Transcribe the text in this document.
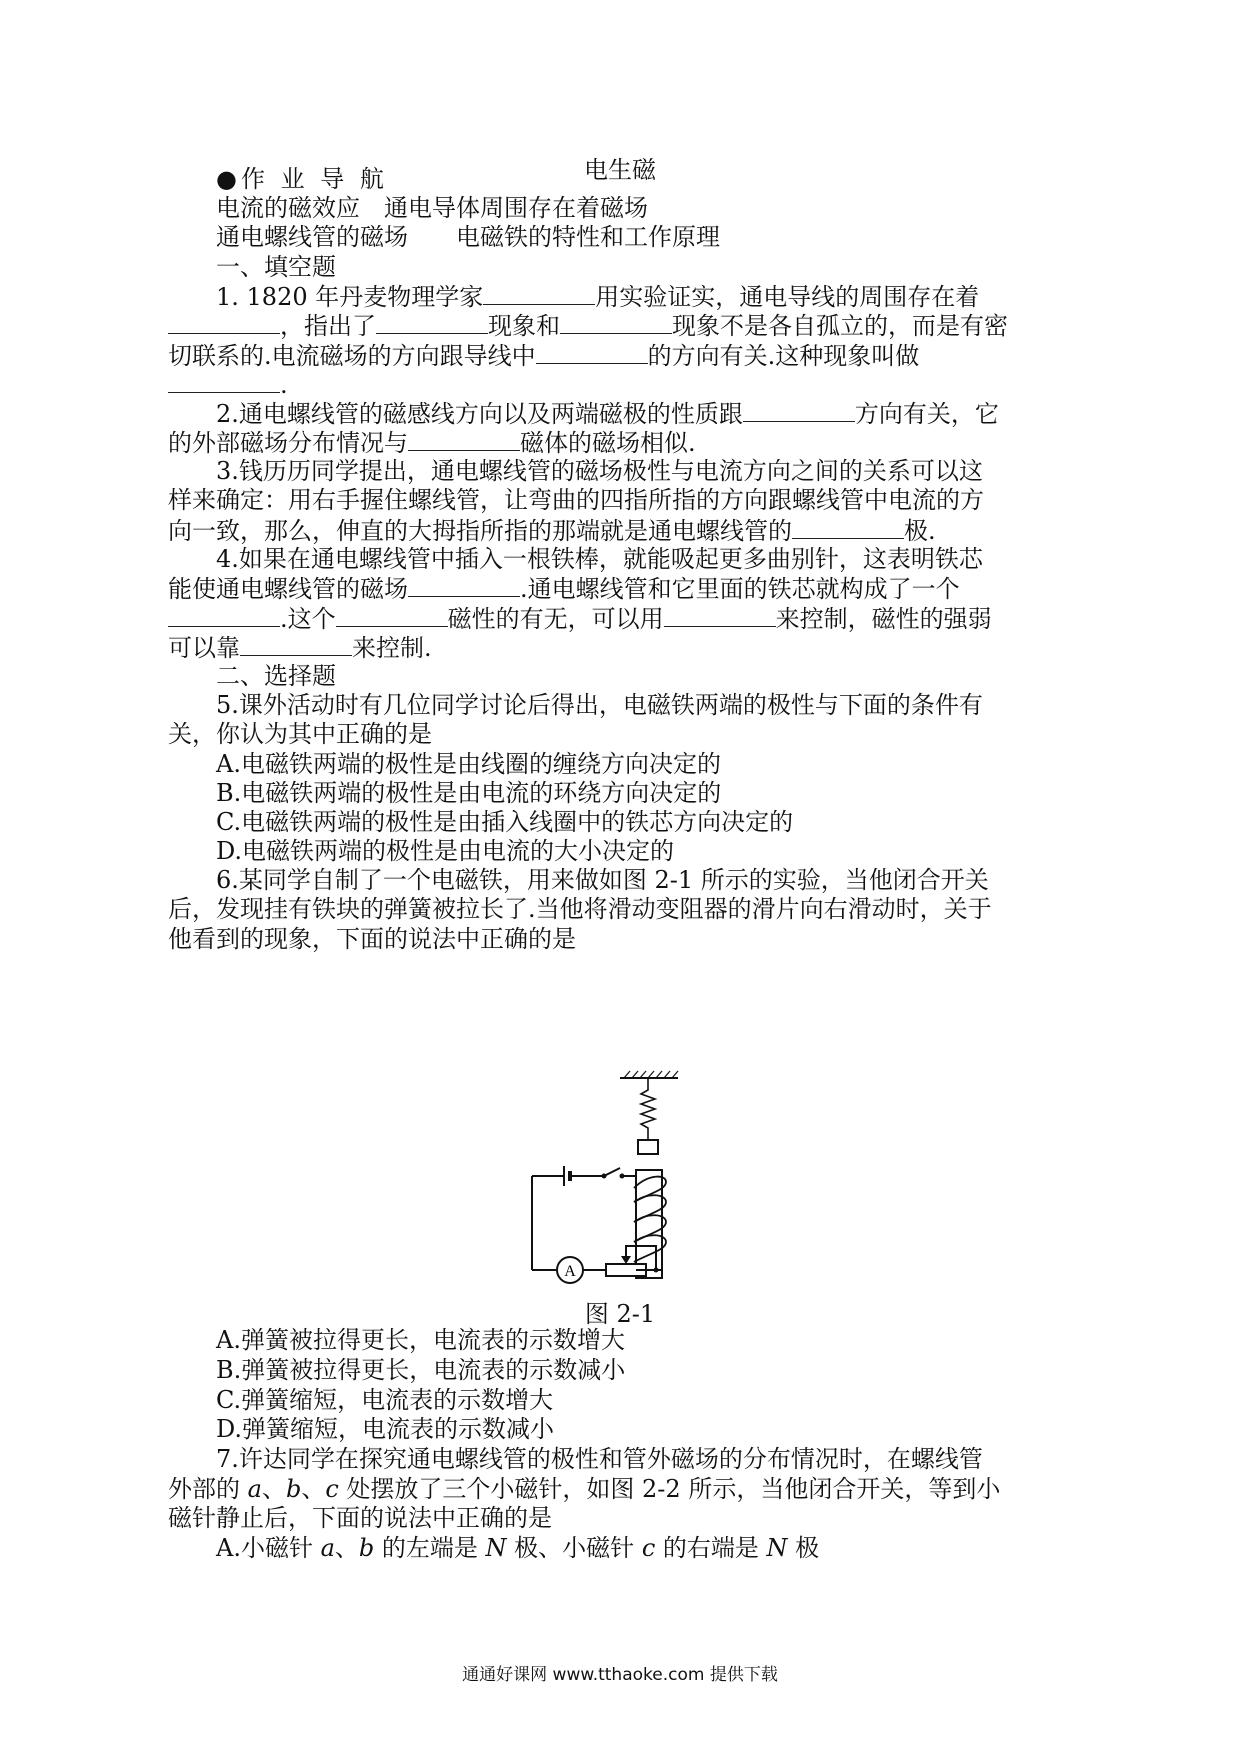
电生磁
●作 业 导 航
电流的磁效应　通电导体周围存在着磁场
通电螺线管的磁场　　电磁铁的特性和工作原理
一、填空题
1. 1820 年丹麦物理学家	用实验证实，通电导线的周围存在着
，指出了	现象和	现象不是各自孤立的，而是有密
切联系的.电流磁场的方向跟导线中	的方向有关.这种现象叫做
.
2.通电螺线管的磁感线方向以及两端磁极的性质跟	方向有关，它
的外部磁场分布情况与	磁体的磁场相似.
3.钱历历同学提出，通电螺线管的磁场极性与电流方向之间的关系可以这
样来确定：用右手握住螺线管，让弯曲的四指所指的方向跟螺线管中电流的方
向一致，那么，伸直的大拇指所指的那端就是通电螺线管的	极.
4.如果在通电螺线管中插入一根铁棒，就能吸起更多曲别针，这表明铁芯
能使通电螺线管的磁场	.通电螺线管和它里面的铁芯就构成了一个
.这个	磁性的有无，可以用	来控制，磁性的强弱
可以靠	来控制.
二、选择题
5.课外活动时有几位同学讨论后得出，电磁铁两端的极性与下面的条件有
关，你认为其中正确的是
A.电磁铁两端的极性是由线圈的缠绕方向决定的
B.电磁铁两端的极性是由电流的环绕方向决定的
C.电磁铁两端的极性是由插入线圈中的铁芯方向决定的
D.电磁铁两端的极性是由电流的大小决定的
6.某同学自制了一个电磁铁，用来做如图 2-1 所示的实验，当他闭合开关
后，发现挂有铁块的弹簧被拉长了.当他将滑动变阻器的滑片向右滑动时，关于
他看到的现象，下面的说法中正确的是
A
图 2-1
A.弹簧被拉得更长，电流表的示数增大
B.弹簧被拉得更长，电流表的示数减小
C.弹簧缩短，电流表的示数增大
D.弹簧缩短，电流表的示数减小
7.许达同学在探究通电螺线管的极性和管外磁场的分布情况时，在螺线管
外部的 a、b、c 处摆放了三个小磁针，如图 2-2 所示，当他闭合开关，等到小
磁针静止后，下面的说法中正确的是
A.小磁针 a、b 的左端是 N 极、小磁针 c 的右端是 N 极
通通好课网 www.tthaoke.com 提供下载
